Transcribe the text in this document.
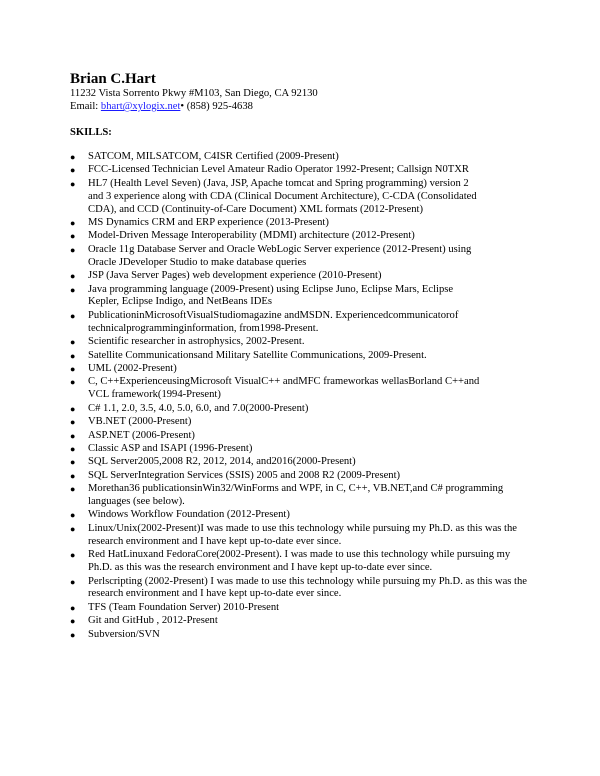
Brian C.Hart
11232 Vista Sorrento Pkwy #M103, San Diego, CA 92130
Email: bhart@xylogix.net• (858) 925-4638
SKILLS:
● SATCOM, MILSATCOM, C4ISR Certified (2009-Present)
● FCC-Licensed Technician Level Amateur Radio Operator 1992-Present; Callsign N0TXR
● HL7 (Health Level Seven) (Java, JSP, Apache tomcat and Spring programming) version 2
and 3 experience along with CDA (Clinical Document Architecture), C-CDA (Consolidated
CDA), and CCD (Continuity-of-Care Document) XML formats (2012-Present)
● MS Dynamics CRM and ERP experience (2013-Present)
● Model-Driven Message Interoperability (MDMI) architecture (2012-Present)
● Oracle 11g Database Server and Oracle WebLogic Server experience (2012-Present) using
Oracle JDeveloper Studio to make database queries
● JSP (Java Server Pages) web development experience (2010-Present)
● Java programming language (2009-Present) using Eclipse Juno, Eclipse Mars, Eclipse
Kepler, Eclipse Indigo, and NetBeans IDEs
● PublicationinMicrosoftVisualStudiomagazine andMSDN. Experiencedcommunicatorof
technicalprogramminginformation, from1998-Present.
● Scientific researcher in astrophysics, 2002-Present.
● Satellite Communicationsand Military Satellite Communications, 2009-Present.
● UML (2002-Present)
● C, C++ExperienceusingMicrosoft VisualC++ andMFC frameworkas wellasBorland C++and
VCL framework(1994-Present)
● C# 1.1, 2.0, 3.5, 4.0, 5.0, 6.0, and 7.0(2000-Present)
● VB.NET (2000-Present)
● ASP.NET (2006-Present)
● Classic ASP and ISAPI (1996-Present)
● SQL Server2005,2008 R2, 2012, 2014, and2016(2000-Present)
● SQL ServerIntegration Services (SSIS) 2005 and 2008 R2 (2009-Present)
● Morethan36 publicationsinWin32/WinForms and WPF, in C, C++, VB.NET,and C# programming
languages (see below).
● Windows Workflow Foundation (2012-Present)
● Linux/Unix(2002-Present)I was made to use this technology while pursuing my Ph.D. as this was the
research environment and I have kept up-to-date ever since.
● Red HatLinuxand FedoraCore(2002-Present). I was made to use this technology while pursuing my
Ph.D. as this was the research environment and I have kept up-to-date ever since.
● Perlscripting (2002-Present) I was made to use this technology while pursuing my Ph.D. as this was the
research environment and I have kept up-to-date ever since.
● TFS (Team Foundation Server) 2010-Present
● Git and GitHub , 2012-Present
● Subversion/SVN
